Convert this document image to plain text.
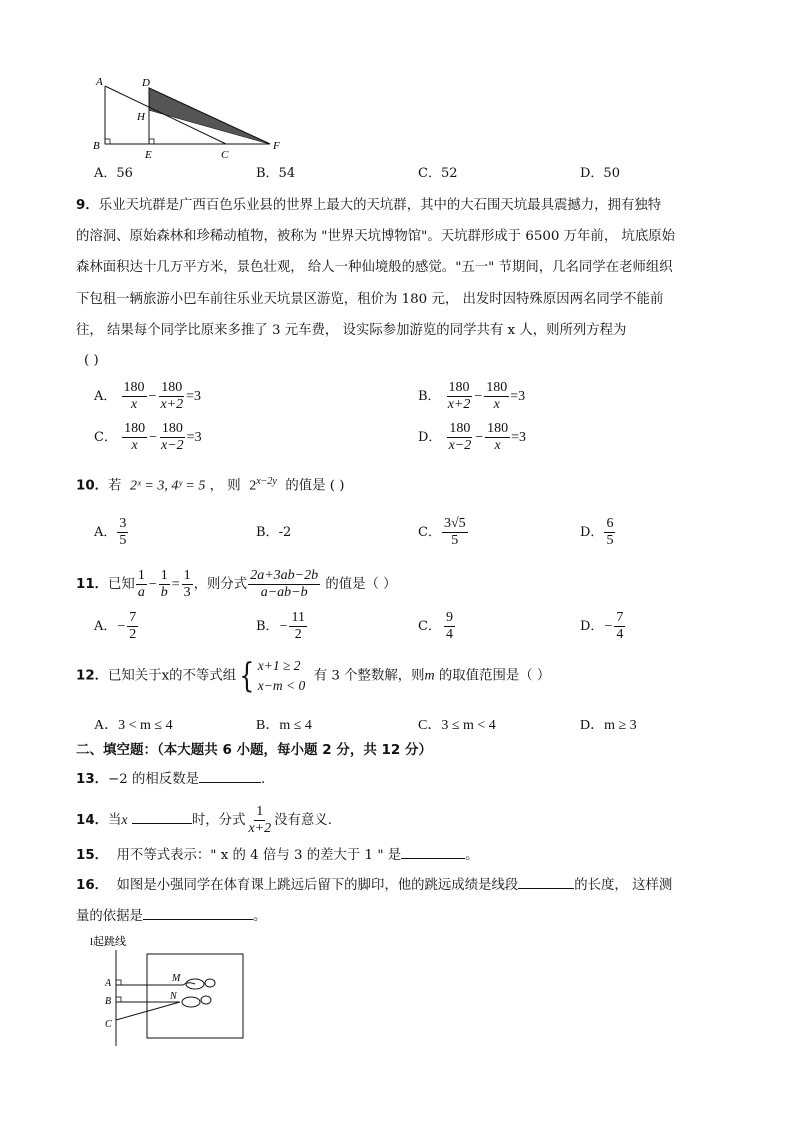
A	D
H
B
E	C
F
A．56	B．54	C．52	D．50
9．乐业天坑群是广西百色乐业县的世界上最大的天坑群，其中的大石围天坑最具震撼力，拥有独特
的溶洞、原始森林和珍稀动植物，被称为 "世界天坑博物馆"。天坑群形成于 6500 万年前， 坑底原始
森林面积达十几万平方米，景色壮观， 给人一种仙境般的感觉。"五一" 节期间，几名同学在老师组织
下包租一辆旅游小巴车前往乐业天坑景区游览，租价为 180 元， 出发时因特殊原因两名同学不能前
往， 结果每个同学比原来多推了 3 元车费， 设实际参加游览的同学共有 x 人，则所列方程为
( )
A． $\frac{180}{x} - \frac{180}{x+2} =3$	B． $\frac{180}{x+2} - \frac{180}{x} =3$
C． $\frac{180}{x} - \frac{180}{x-2} =3$	D． $\frac{180}{x-2} - \frac{180}{x} =3$
10．若 2ˣ = 3, 4ʸ = 5 ， 则 $2^{x-2y}$ 的值是 ( )
A． $\frac{3}{5}$	B．-2	C． $\frac{3√5}{5}$	D． $\frac{6}{5}$
11．已知 $\frac{1}{a} - \frac{1}{b} = \frac{1}{3}$ ，则分式 $\frac{2a+3ab-2b}{a-ab-b}$ 的值是（ ）
A．− $\frac{7}{2}$	B．− $\frac{11}{2}$	C． $\frac{9}{4}$	D．− $\frac{7}{4}$
12．已知关于x的不等式组 { x+1 ≥ 2
x−m < 0
有 3 个整数解，则m 的取值范围是（ ）
A．3 < m ≤ 4	B．m ≤ 4	C．3 ≤ m < 4	D．m ≥ 3
二、填空题：（本大题共 6 小题，每小题 2 分，共 12 分）
13．−2 的相反数是	.
14．当x	时，分式 $\frac{1}{x+2}$ 没有意义.
15． 用不等式表示：" x 的 4 倍与 3 的差大于 1 " 是	。
16． 如图是小强同学在体育课上跳远后留下的脚印，他的跳远成绩是线段	的长度， 这样测
量的依据是	。
l起跳线
A
B
C
M
N
